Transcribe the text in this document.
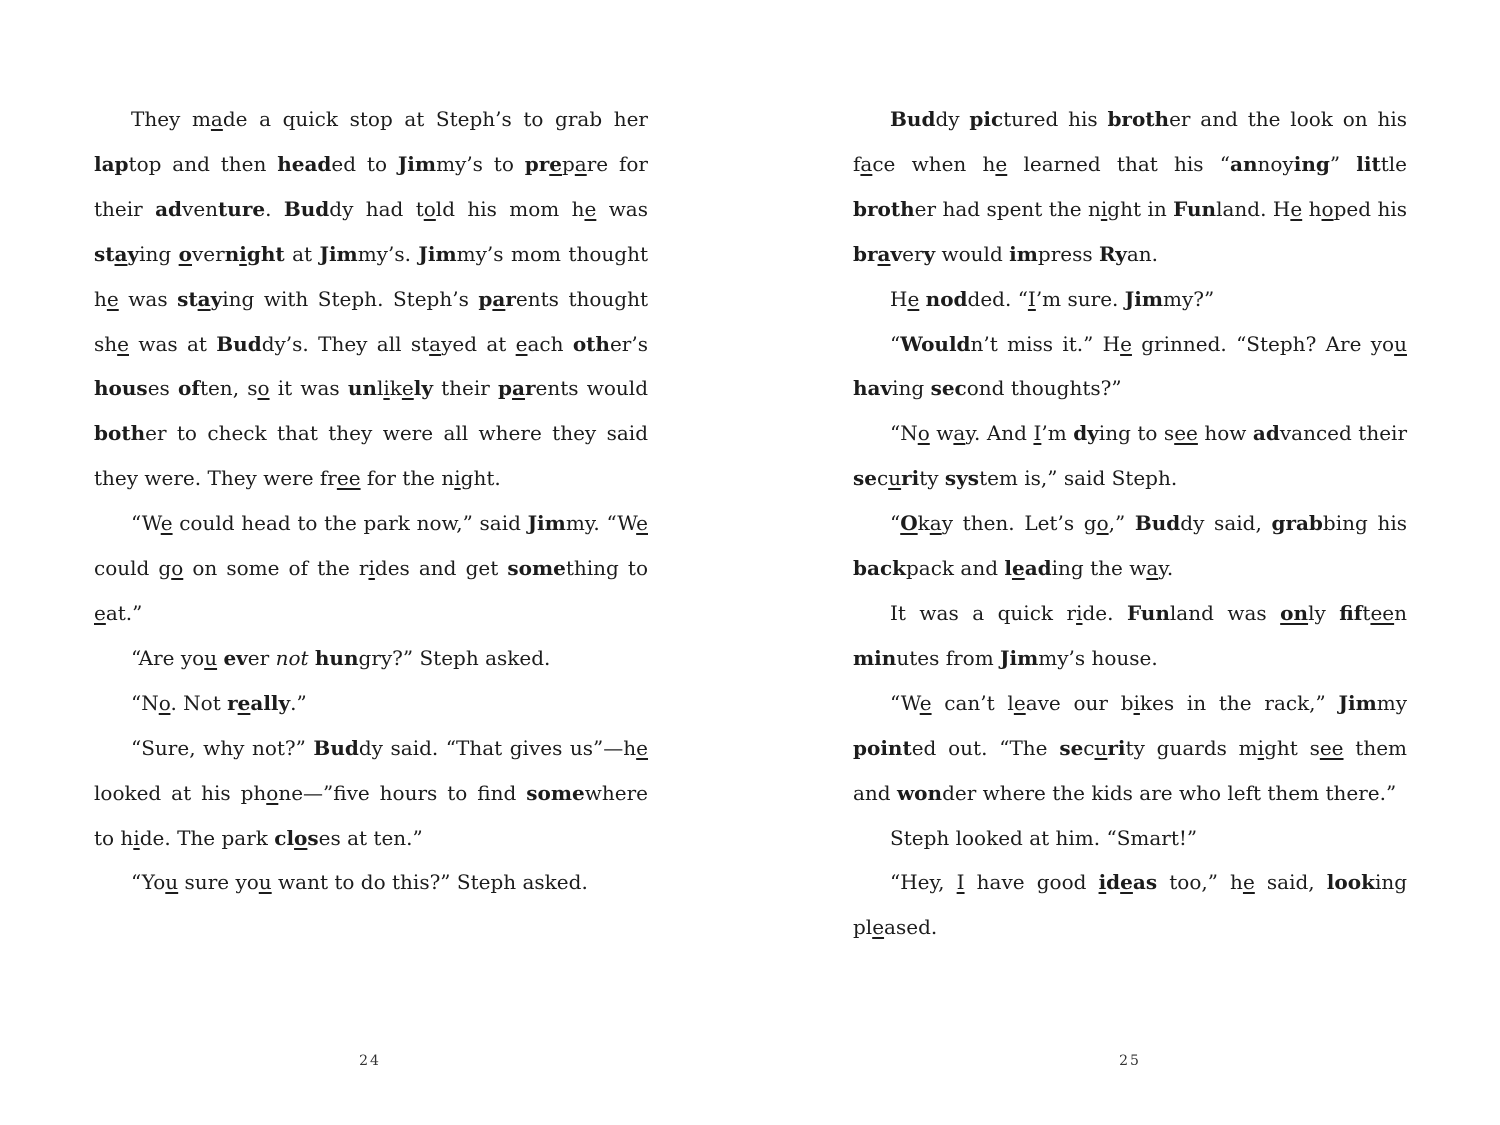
They made a quick stop at Steph’s to grab her laptop and then headed to Jimmy’s to prepare for their adventure. Buddy had told his mom he was staying overnight at Jimmy’s. Jimmy’s mom thought he was staying with Steph. Steph’s parents thought she was at Buddy’s. They all stayed at each other’s houses often, so it was unlikely their parents would bother to check that they were all where they said they were. They were free for the night.

“We could head to the park now,” said Jimmy. “We could go on some of the rides and get something to eat.”

“Are you ever not hungry?” Steph asked.

“No. Not really.”

“Sure, why not?” Buddy said. “That gives us”—he looked at his phone—”fve hours to fnd somewhere to hide. The park closes at ten.”

“You sure you want to do this?” Steph asked.

24

Buddy pictured his brother and the look on his face when he learned that his “annoying” little brother had spent the night in Funland. He hoped his bravery would impress Ryan.

He nodded. “I’m sure. Jimmy?”

“Wouldn’t miss it.” He grinned. “Steph? Are you having second thoughts?”

“No way. And I’m dying to see how advanced their security system is,” said Steph.

“Okay then. Let’s go,” Buddy said, grabbing his backpack and leading the way.

It was a quick ride. Funland was only fifteen minutes from Jimmy’s house.

“We can’t leave our bikes in the rack,” Jimmy pointed out. “The security guards might see them and wonder where the kids are who left them there.”

Steph looked at him. “Smart!”

“Hey, I have good ideas too,” he said, looking pleased.

25
